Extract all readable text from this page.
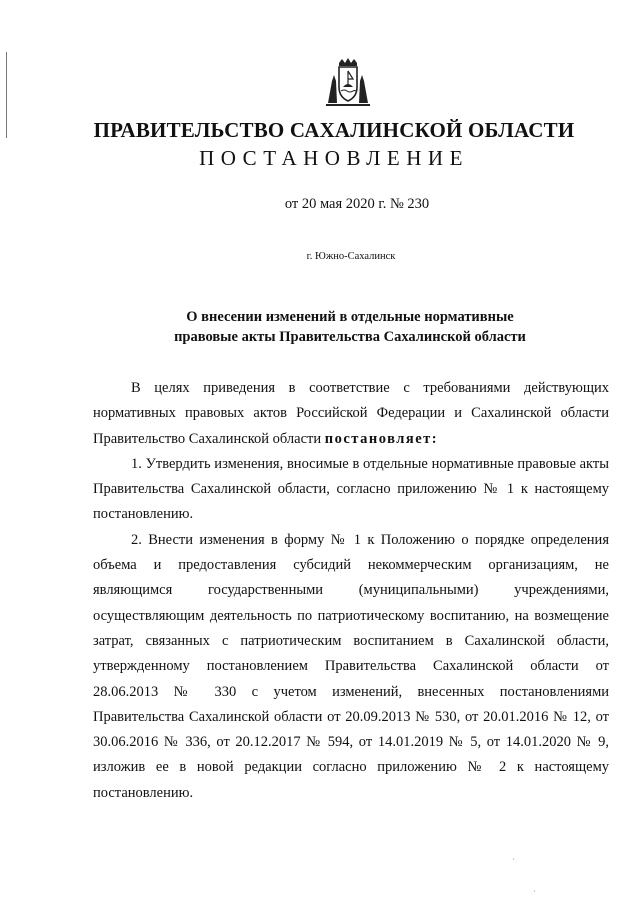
ПРАВИТЕЛЬСТВО САХАЛИНСКОЙ ОБЛАСТИ
ПОСТАНОВЛЕНИЕ
от 20 мая 2020 г. № 230
г. Южно-Сахалинск
О внесении изменений в отдельные нормативные
правовые акты Правительства Сахалинской области

В целях приведения в соответствие с требованиями действующих нормативных правовых актов Российской Федерации и Сахалинской области Правительство Сахалинской области постановляет:

1. Утвердить изменения, вносимые в отдельные нормативные правовые акты Правительства Сахалинской области, согласно приложению № 1 к настоящему постановлению.

2. Внести изменения в форму № 1 к Положению о порядке определения объема и предоставления субсидий некоммерческим организациям, не являющимся государственными (муниципальными) учреждениями, осуществляющим деятельность по патриотическому воспитанию, на возмещение затрат, связанных с патриотическим воспитанием в Сахалинской области, утвержденному постановлением Правительства Сахалинской области от 28.06.2013 № 330 с учетом изменений, внесенных постановлениями Правительства Сахалинской области от 20.09.2013 № 530, от 20.01.2016 № 12, от 30.06.2016 № 336, от 20.12.2017 № 594, от 14.01.2019 № 5, от 14.01.2020 № 9, изложив ее в новой редакции согласно приложению № 2 к настоящему постановлению.

·
·
